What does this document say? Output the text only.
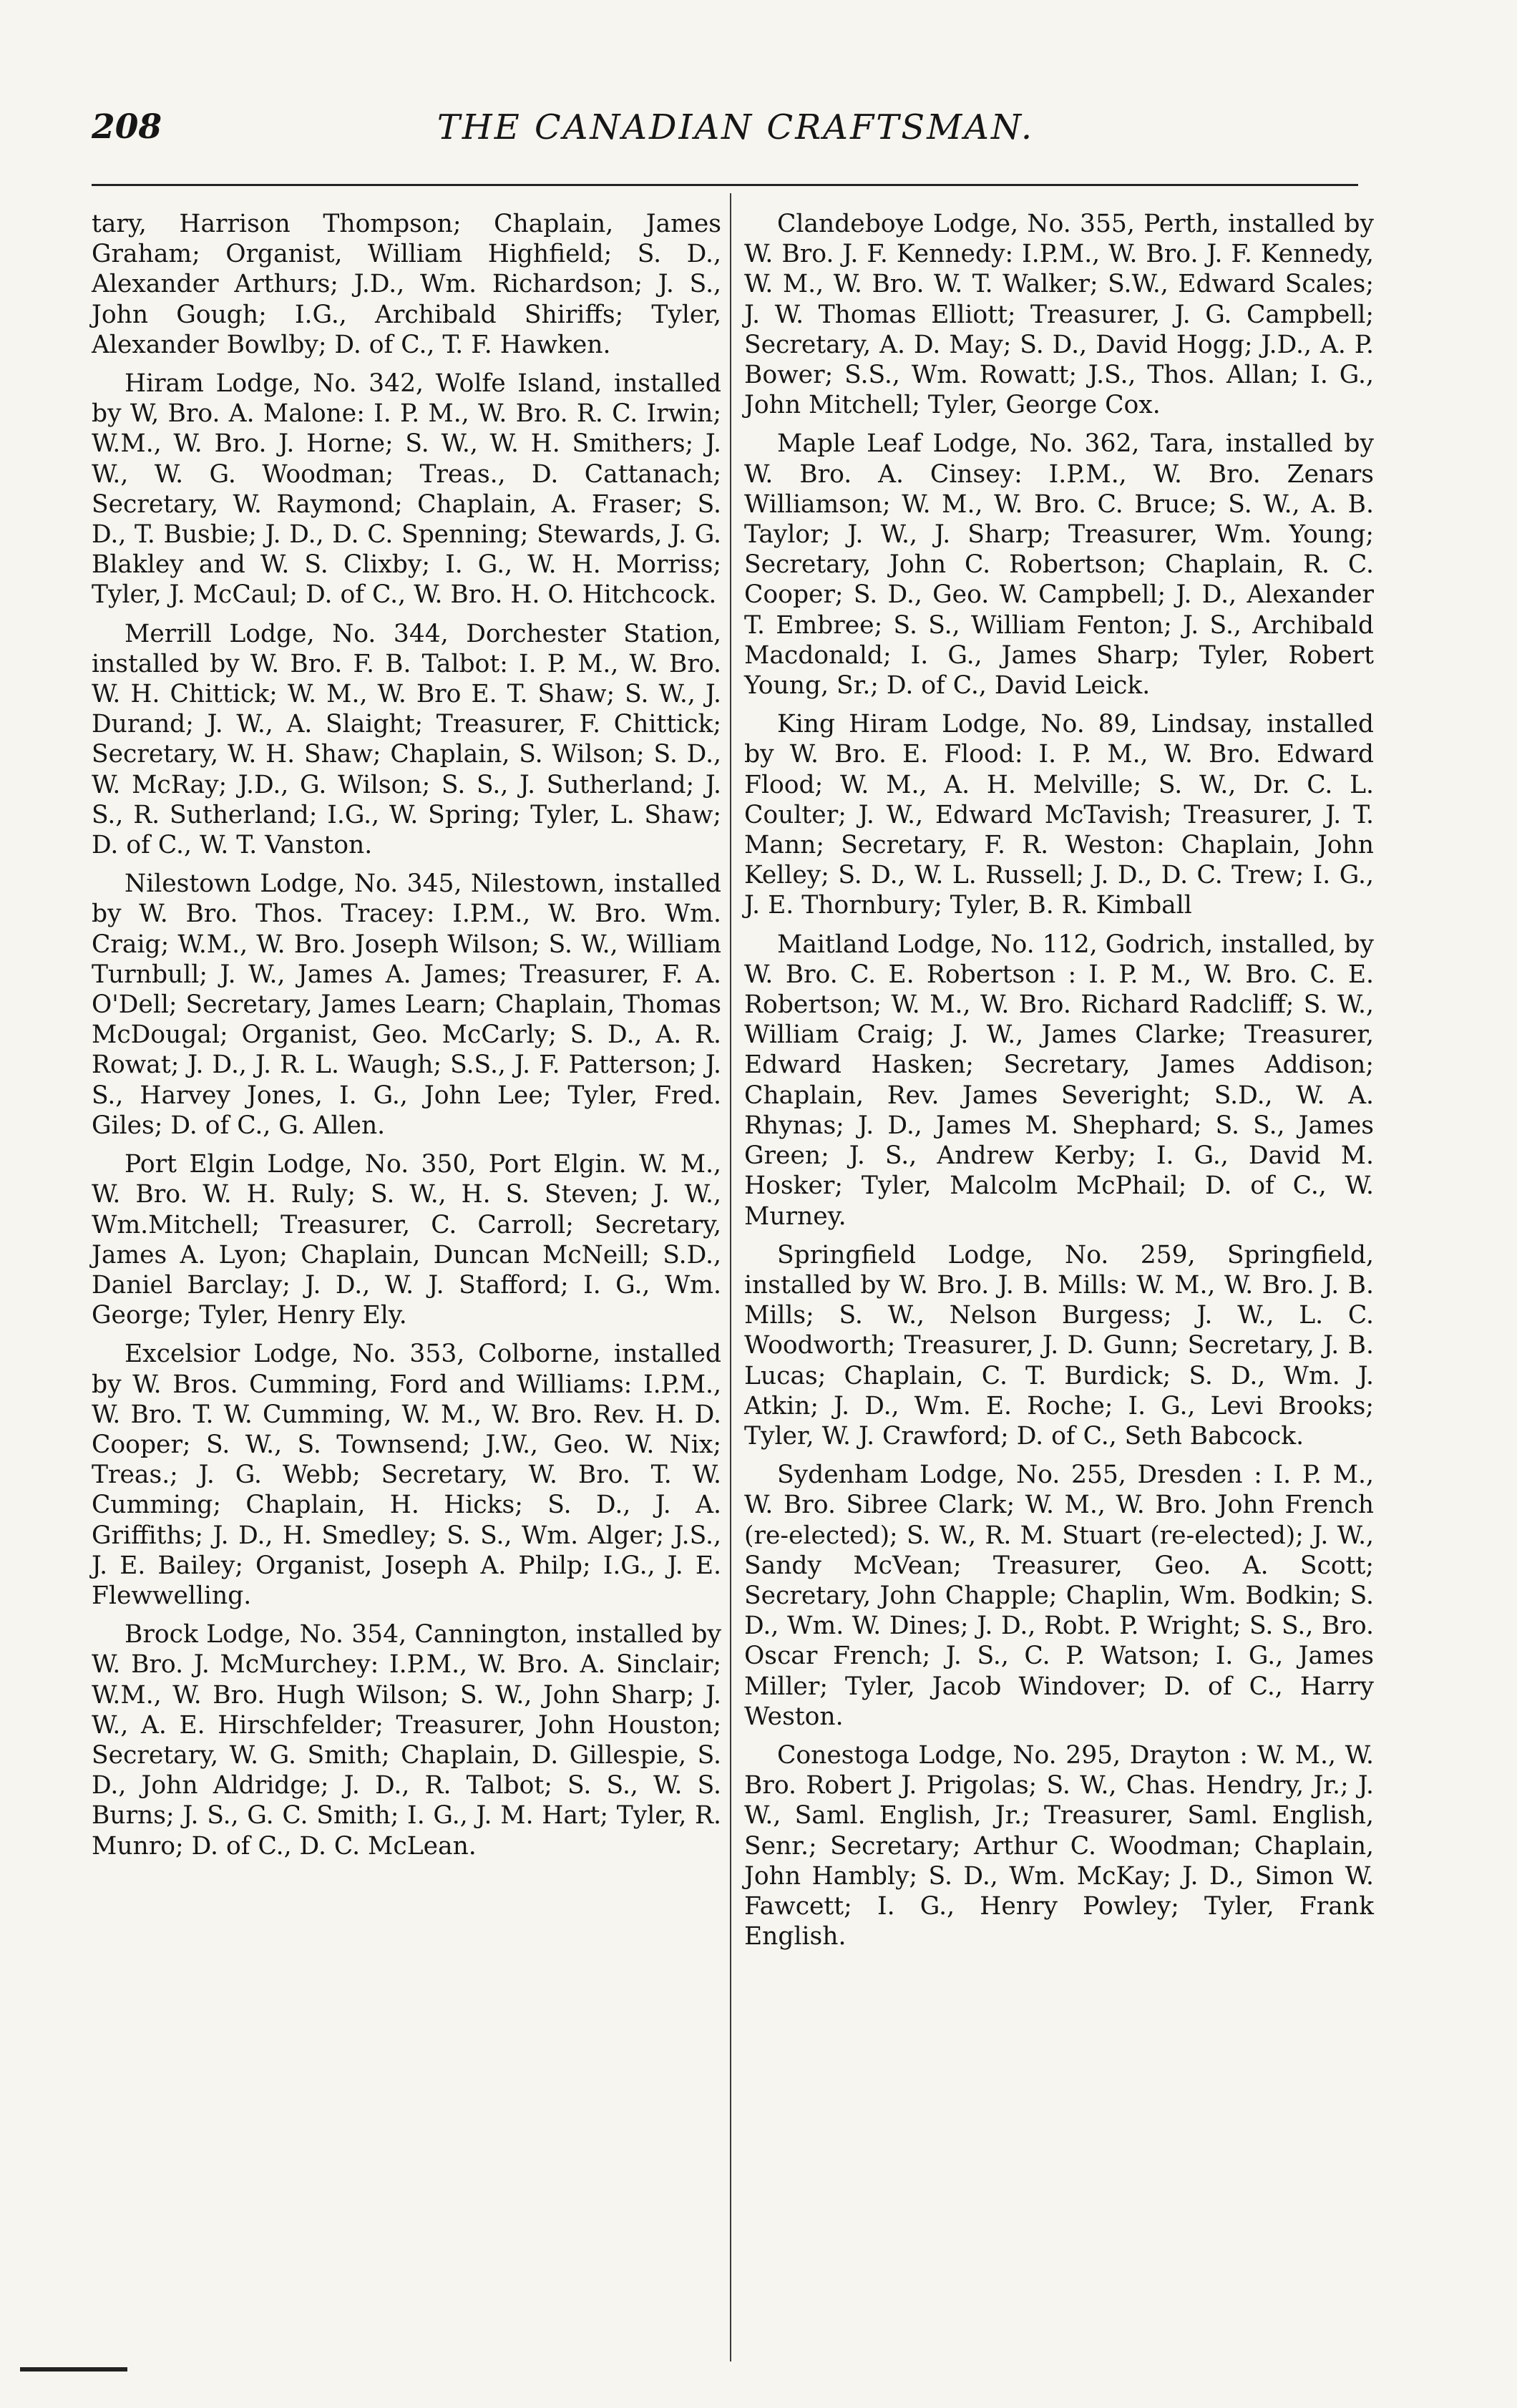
208	THE CANADIAN CRAFTSMAN.

tary, Harrison Thompson; Chaplain, James Graham; Organist, William Highfield; S. D., Alexander Arthurs; J.D., Wm. Richardson; J. S., John Gough; I.G., Archibald Shiriffs; Tyler, Alexander Bowlby; D. of C., T. F. Hawken.

Hiram Lodge, No. 342, Wolfe Island, installed by W, Bro. A. Malone: I. P. M., W. Bro. R. C. Irwin; W.M., W. Bro. J. Horne; S. W., W. H. Smithers; J. W., W. G. Woodman; Treas., D. Cattanach; Secretary, W. Raymond; Chaplain, A. Fraser; S. D., T. Busbie; J. D., D. C. Spenning; Stewards, J. G. Blakley and W. S. Clixby; I. G., W. H. Morriss; Tyler, J. McCaul; D. of C., W. Bro. H. O. Hitchcock.

Merrill Lodge, No. 344, Dorchester Station, installed by W. Bro. F. B. Talbot: I. P. M., W. Bro. W. H. Chittick; W. M., W. Bro E. T. Shaw; S. W., J. Durand; J. W., A. Slaight; Treasurer, F. Chittick; Secretary, W. H. Shaw; Chaplain, S. Wilson; S. D., W. McRay; J.D., G. Wilson; S. S., J. Sutherland; J. S., R. Sutherland; I.G., W. Spring; Tyler, L. Shaw; D. of C., W. T. Vanston.

Nilestown Lodge, No. 345, Nilestown, installed by W. Bro. Thos. Tracey: I.P.M., W. Bro. Wm. Craig; W.M., W. Bro. Joseph Wilson; S. W., William Turnbull; J. W., James A. James; Treasurer, F. A. O'Dell; Secretary, James Learn; Chaplain, Thomas McDougal; Organist, Geo. McCarly; S. D., A. R. Rowat; J. D., J. R. L. Waugh; S.S., J. F. Patterson; J. S., Harvey Jones, I. G., John Lee; Tyler, Fred. Giles; D. of C., G. Allen.

Port Elgin Lodge, No. 350, Port Elgin. W. M., W. Bro. W. H. Ruly; S. W., H. S. Steven; J. W., Wm.Mitchell; Treasurer, C. Carroll; Secretary, James A. Lyon; Chaplain, Duncan McNeill; S.D., Daniel Barclay; J. D., W. J. Stafford; I. G., Wm. George; Tyler, Henry Ely.

Excelsior Lodge, No. 353, Colborne, installed by W. Bros. Cumming, Ford and Williams: I.P.M., W. Bro. T. W. Cumming, W. M., W. Bro. Rev. H. D. Cooper; S. W., S. Townsend; J.W., Geo. W. Nix; Treas.; J. G. Webb; Secretary, W. Bro. T. W. Cumming; Chaplain, H. Hicks; S. D., J. A. Griffiths; J. D., H. Smedley; S. S., Wm. Alger; J.S., J. E. Bailey; Organist, Joseph A. Philp; I.G., J. E. Flewwelling.

Brock Lodge, No. 354, Cannington, installed by W. Bro. J. McMurchey: I.P.M., W. Bro. A. Sinclair; W.M., W. Bro. Hugh Wilson; S. W., John Sharp; J. W., A. E. Hirschfelder; Treasurer, John Houston; Secretary, W. G. Smith; Chaplain, D. Gillespie, S. D., John Aldridge; J. D., R. Talbot; S. S., W. S. Burns; J. S., G. C. Smith; I. G., J. M. Hart; Tyler, R. Munro; D. of C., D. C. McLean.

Clandeboye Lodge, No. 355, Perth, installed by W. Bro. J. F. Kennedy: I.P.M., W. Bro. J. F. Kennedy, W. M., W. Bro. W. T. Walker; S.W., Edward Scales; J. W. Thomas Elliott; Treasurer, J. G. Campbell; Secretary, A. D. May; S. D., David Hogg; J.D., A. P. Bower; S.S., Wm. Rowatt; J.S., Thos. Allan; I. G., John Mitchell; Tyler, George Cox.

Maple Leaf Lodge, No. 362, Tara, installed by W. Bro. A. Cinsey: I.P.M., W. Bro. Zenars Williamson; W. M., W. Bro. C. Bruce; S. W., A. B. Taylor; J. W., J. Sharp; Treasurer, Wm. Young; Secretary, John C. Robertson; Chaplain, R. C. Cooper; S. D., Geo. W. Campbell; J. D., Alexander T. Embree; S. S., William Fenton; J. S., Archibald Macdonald; I. G., James Sharp; Tyler, Robert Young, Sr.; D. of C., David Leick.

King Hiram Lodge, No. 89, Lindsay, installed by W. Bro. E. Flood: I. P. M., W. Bro. Edward Flood; W. M., A. H. Melville; S. W., Dr. C. L. Coulter; J. W., Edward McTavish; Treasurer, J. T. Mann; Secretary, F. R. Weston: Chaplain, John Kelley; S. D., W. L. Russell; J. D., D. C. Trew; I. G., J. E. Thornbury; Tyler, B. R. Kimball

Maitland Lodge, No. 112, Godrich, installed, by W. Bro. C. E. Robertson : I. P. M., W. Bro. C. E. Robertson; W. M., W. Bro. Richard Radcliff; S. W., William Craig; J. W., James Clarke; Treasurer, Edward Hasken; Secretary, James Addison; Chaplain, Rev. James Severight; S.D., W. A. Rhynas; J. D., James M. Shephard; S. S., James Green; J. S., Andrew Kerby; I. G., David M. Hosker; Tyler, Malcolm McPhail; D. of C., W. Murney.

Springfield Lodge, No. 259, Springfield, installed by W. Bro. J. B. Mills: W. M., W. Bro. J. B. Mills; S. W., Nelson Burgess; J. W., L. C. Woodworth; Treasurer, J. D. Gunn; Secretary, J. B. Lucas; Chaplain, C. T. Burdick; S. D., Wm. J. Atkin; J. D., Wm. E. Roche; I. G., Levi Brooks; Tyler, W. J. Crawford; D. of C., Seth Babcock.

Sydenham Lodge, No. 255, Dresden : I. P. M., W. Bro. Sibree Clark; W. M., W. Bro. John French (re-elected); S. W., R. M. Stuart (re-elected); J. W., Sandy McVean; Treasurer, Geo. A. Scott; Secretary, John Chapple; Chaplin, Wm. Bodkin; S. D., Wm. W. Dines; J. D., Robt. P. Wright; S. S., Bro. Oscar French; J. S., C. P. Watson; I. G., James Miller; Tyler, Jacob Windover; D. of C., Harry Weston.

Conestoga Lodge, No. 295, Drayton : W. M., W. Bro. Robert J. Prigolas; S. W., Chas. Hendry, Jr.; J. W., Saml. English, Jr.; Treasurer, Saml. English, Senr.; Secretary; Arthur C. Woodman; Chaplain, John Hambly; S. D., Wm. McKay; J. D., Simon W. Fawcett; I. G., Henry Powley; Tyler, Frank English.
